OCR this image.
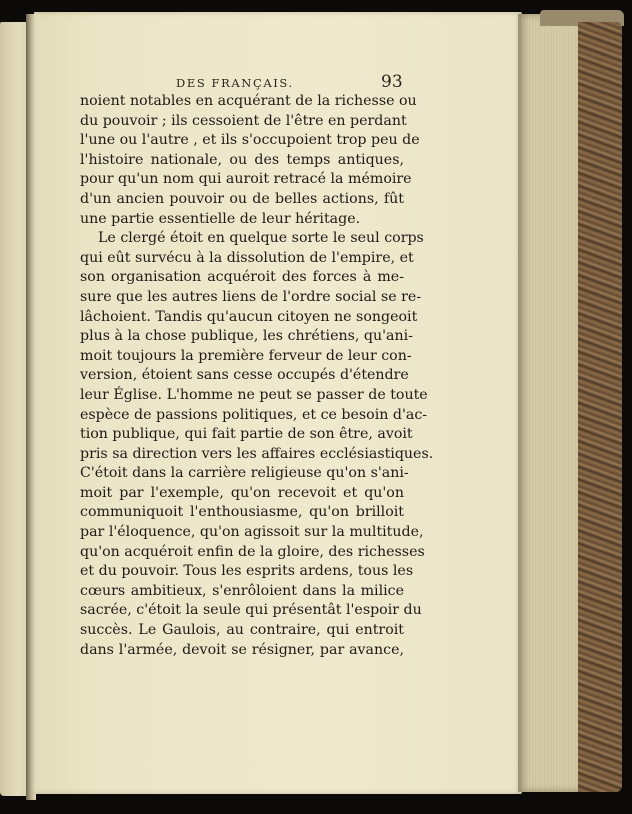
DES FRANÇAIS.	93
noient notables en acquérant de la richesse ou
du pouvoir ; ils cessoient de l'être en perdant
l'une ou l'autre , et ils s'occupoient trop peu de
l'histoire nationale, ou des temps antiques,
pour qu'un nom qui auroit retracé la mémoire
d'un ancien pouvoir ou de belles actions, fût
une partie essentielle de leur héritage.
Le clergé étoit en quelque sorte le seul corps
qui eût survécu à la dissolution de l'empire, et
son organisation acquéroit des forces à me-
sure que les autres liens de l'ordre social se re-
lâchoient. Tandis qu'aucun citoyen ne songeoit
plus à la chose publique, les chrétiens, qu'ani-
moit toujours la première ferveur de leur con-
version, étoient sans cesse occupés d'étendre
leur Église. L'homme ne peut se passer de toute
espèce de passions politiques, et ce besoin d'ac-
tion publique, qui fait partie de son être, avoit
pris sa direction vers les affaires ecclésiastiques.
C'étoit dans la carrière religieuse qu'on s'ani-
moit par l'exemple, qu'on recevoit et qu'on
communiquoit l'enthousiasme, qu'on brilloit
par l'éloquence, qu'on agissoit sur la multitude,
qu'on acquéroit enfin de la gloire, des richesses
et du pouvoir. Tous les esprits ardens, tous les
cœurs ambitieux, s'enrôloient dans la milice
sacrée, c'étoit la seule qui présentât l'espoir du
succès. Le Gaulois, au contraire, qui entroit
dans l'armée, devoit se résigner, par avance,
